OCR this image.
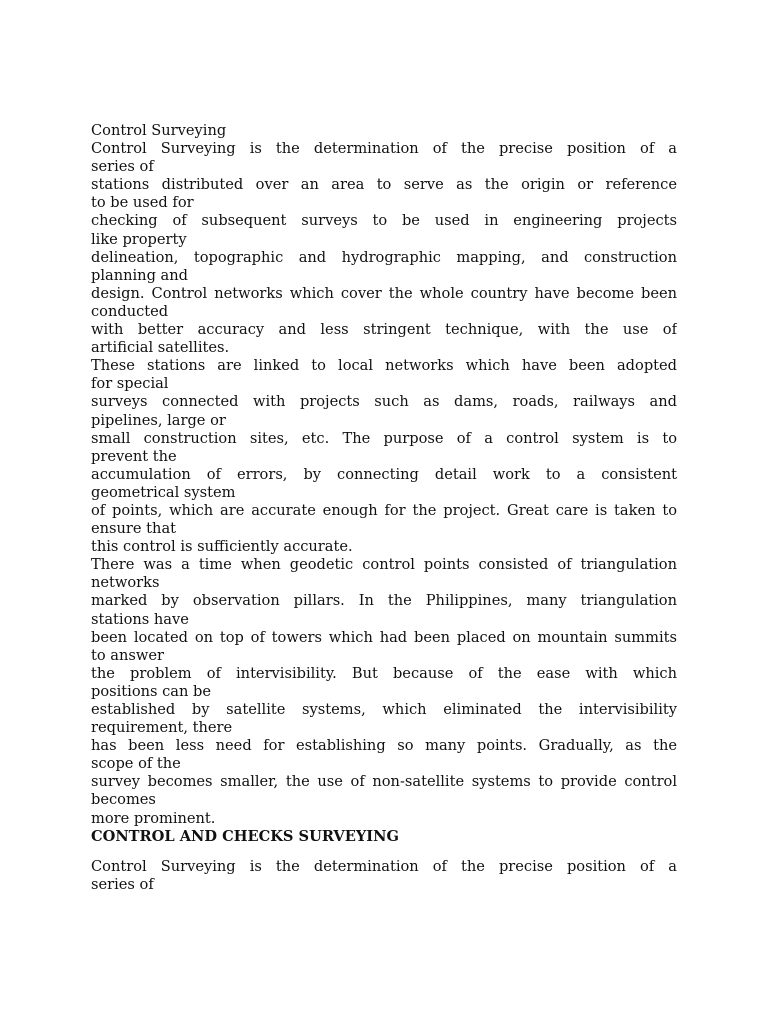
Control Surveying
Control Surveying is the determination of the precise position of a
series of
stations distributed over an area to serve as the origin or reference
to be used for
checking of subsequent surveys to be used in engineering projects
like property
delineation, topographic and hydrographic mapping, and construction
planning and
design. Control networks which cover the whole country have become been
conducted
with better accuracy and less stringent technique, with the use of
artificial satellites.
These stations are linked to local networks which have been adopted
for special
surveys connected with projects such as dams, roads, railways and
pipelines, large or
small construction sites, etc. The purpose of a control system is to
prevent the
accumulation of errors, by connecting detail work to a consistent
geometrical system
of points, which are accurate enough for the project. Great care is taken to
ensure that
this control is sufficiently accurate.
There was a time when geodetic control points consisted of triangulation
networks
marked by observation pillars. In the Philippines, many triangulation
stations have
been located on top of towers which had been placed on mountain summits
to answer
the problem of intervisibility. But because of the ease with which
positions can be
established by satellite systems, which eliminated the intervisibility
requirement, there
has been less need for establishing so many points. Gradually, as the
scope of the
survey becomes smaller, the use of non-satellite systems to provide control
becomes
more prominent.
CONTROL AND CHECKS SURVEYING
Control Surveying is the determination of the precise position of a
series of
